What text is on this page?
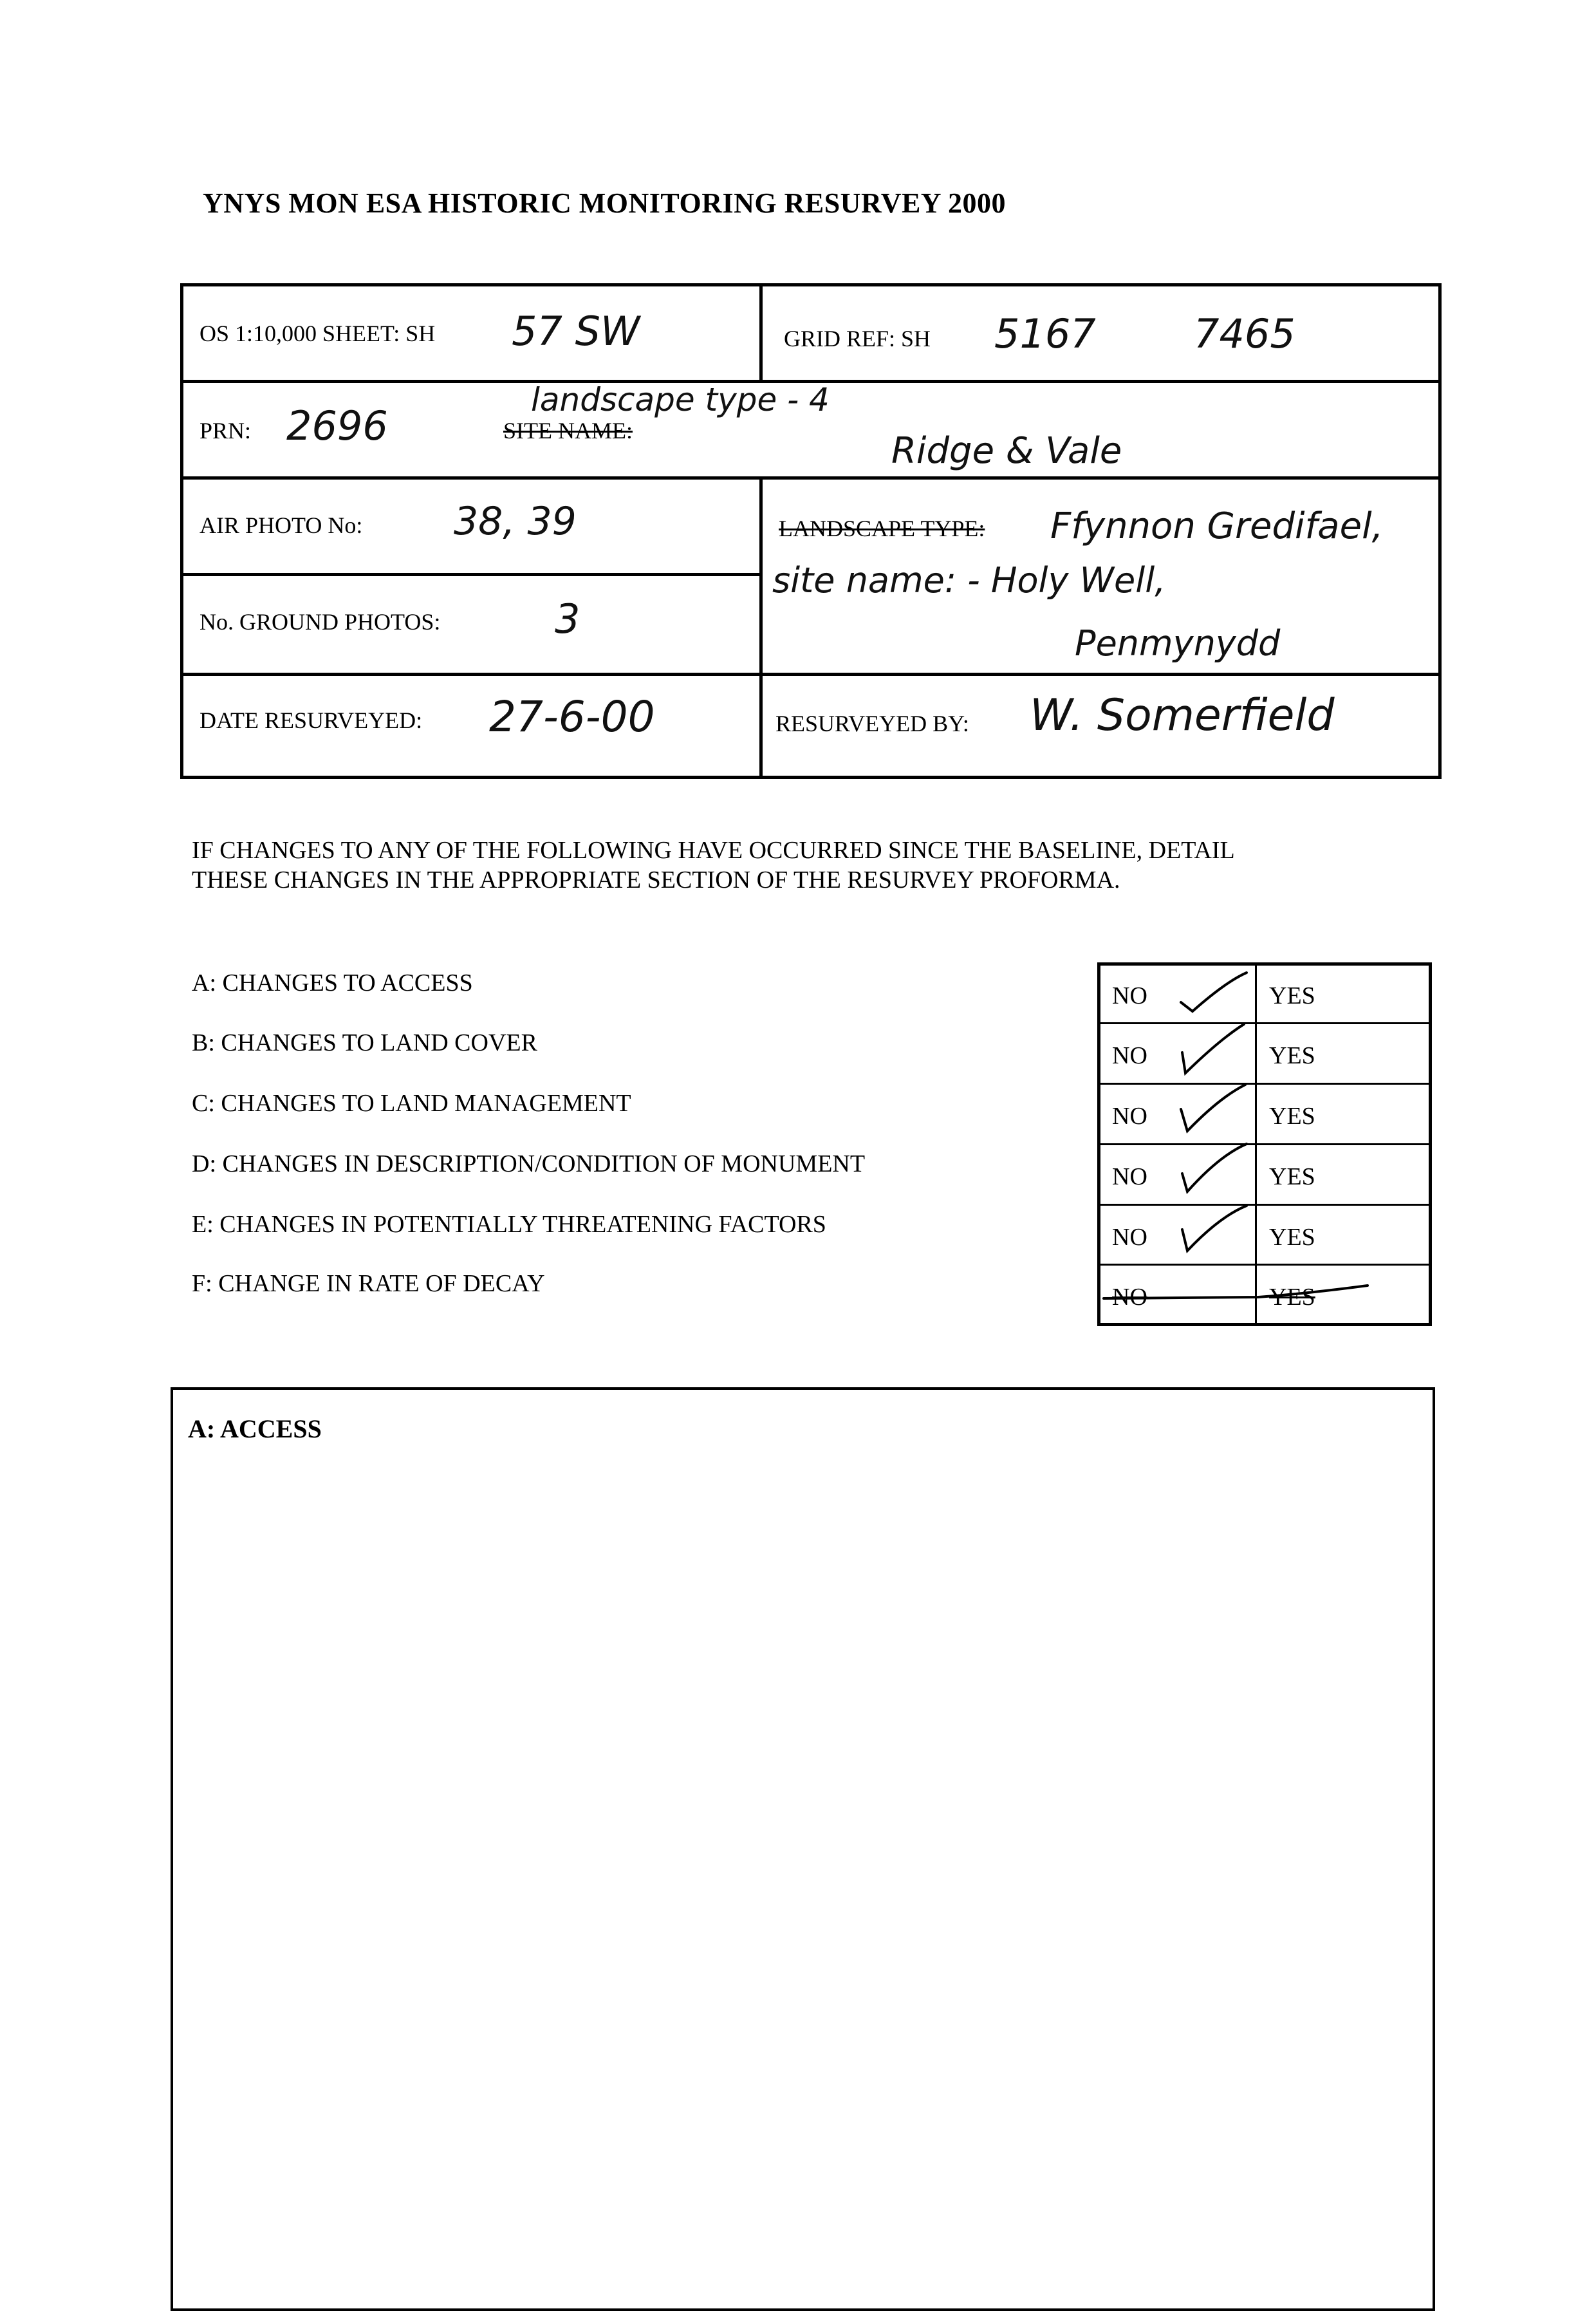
YNYS MON ESA HISTORIC MONITORING RESURVEY 2000
OS 1:10,000 SHEET: SH 57 SW	GRID REF: SH 5167 7465
PRN: 2696	SITE NAME:
landscape type - 4
Ridge & Vale
AIR PHOTO No: 38, 39	LANDSCAPE TYPE: Ffynnon Gredifael,
site name: - Holy Well,
Penmynydd
No. GROUND PHOTOS:	3
DATE RESURVEYED: 27-6-00	RESURVEYED BY: W. Somerfield
IF CHANGES TO ANY OF THE FOLLOWING HAVE OCCURRED SINCE THE BASELINE, DETAIL
THESE CHANGES IN THE APPROPRIATE SECTION OF THE RESURVEY PROFORMA.
A: CHANGES TO ACCESS
B: CHANGES TO LAND COVER
C: CHANGES TO LAND MANAGEMENT
D: CHANGES IN DESCRIPTION/CONDITION OF MONUMENT
E: CHANGES IN POTENTIALLY THREATENING FACTORS
F: CHANGE IN RATE OF DECAY
NO	YES
NO	YES
NO	YES
NO	YES
NO	YES
NO	YES
A: ACCESS
